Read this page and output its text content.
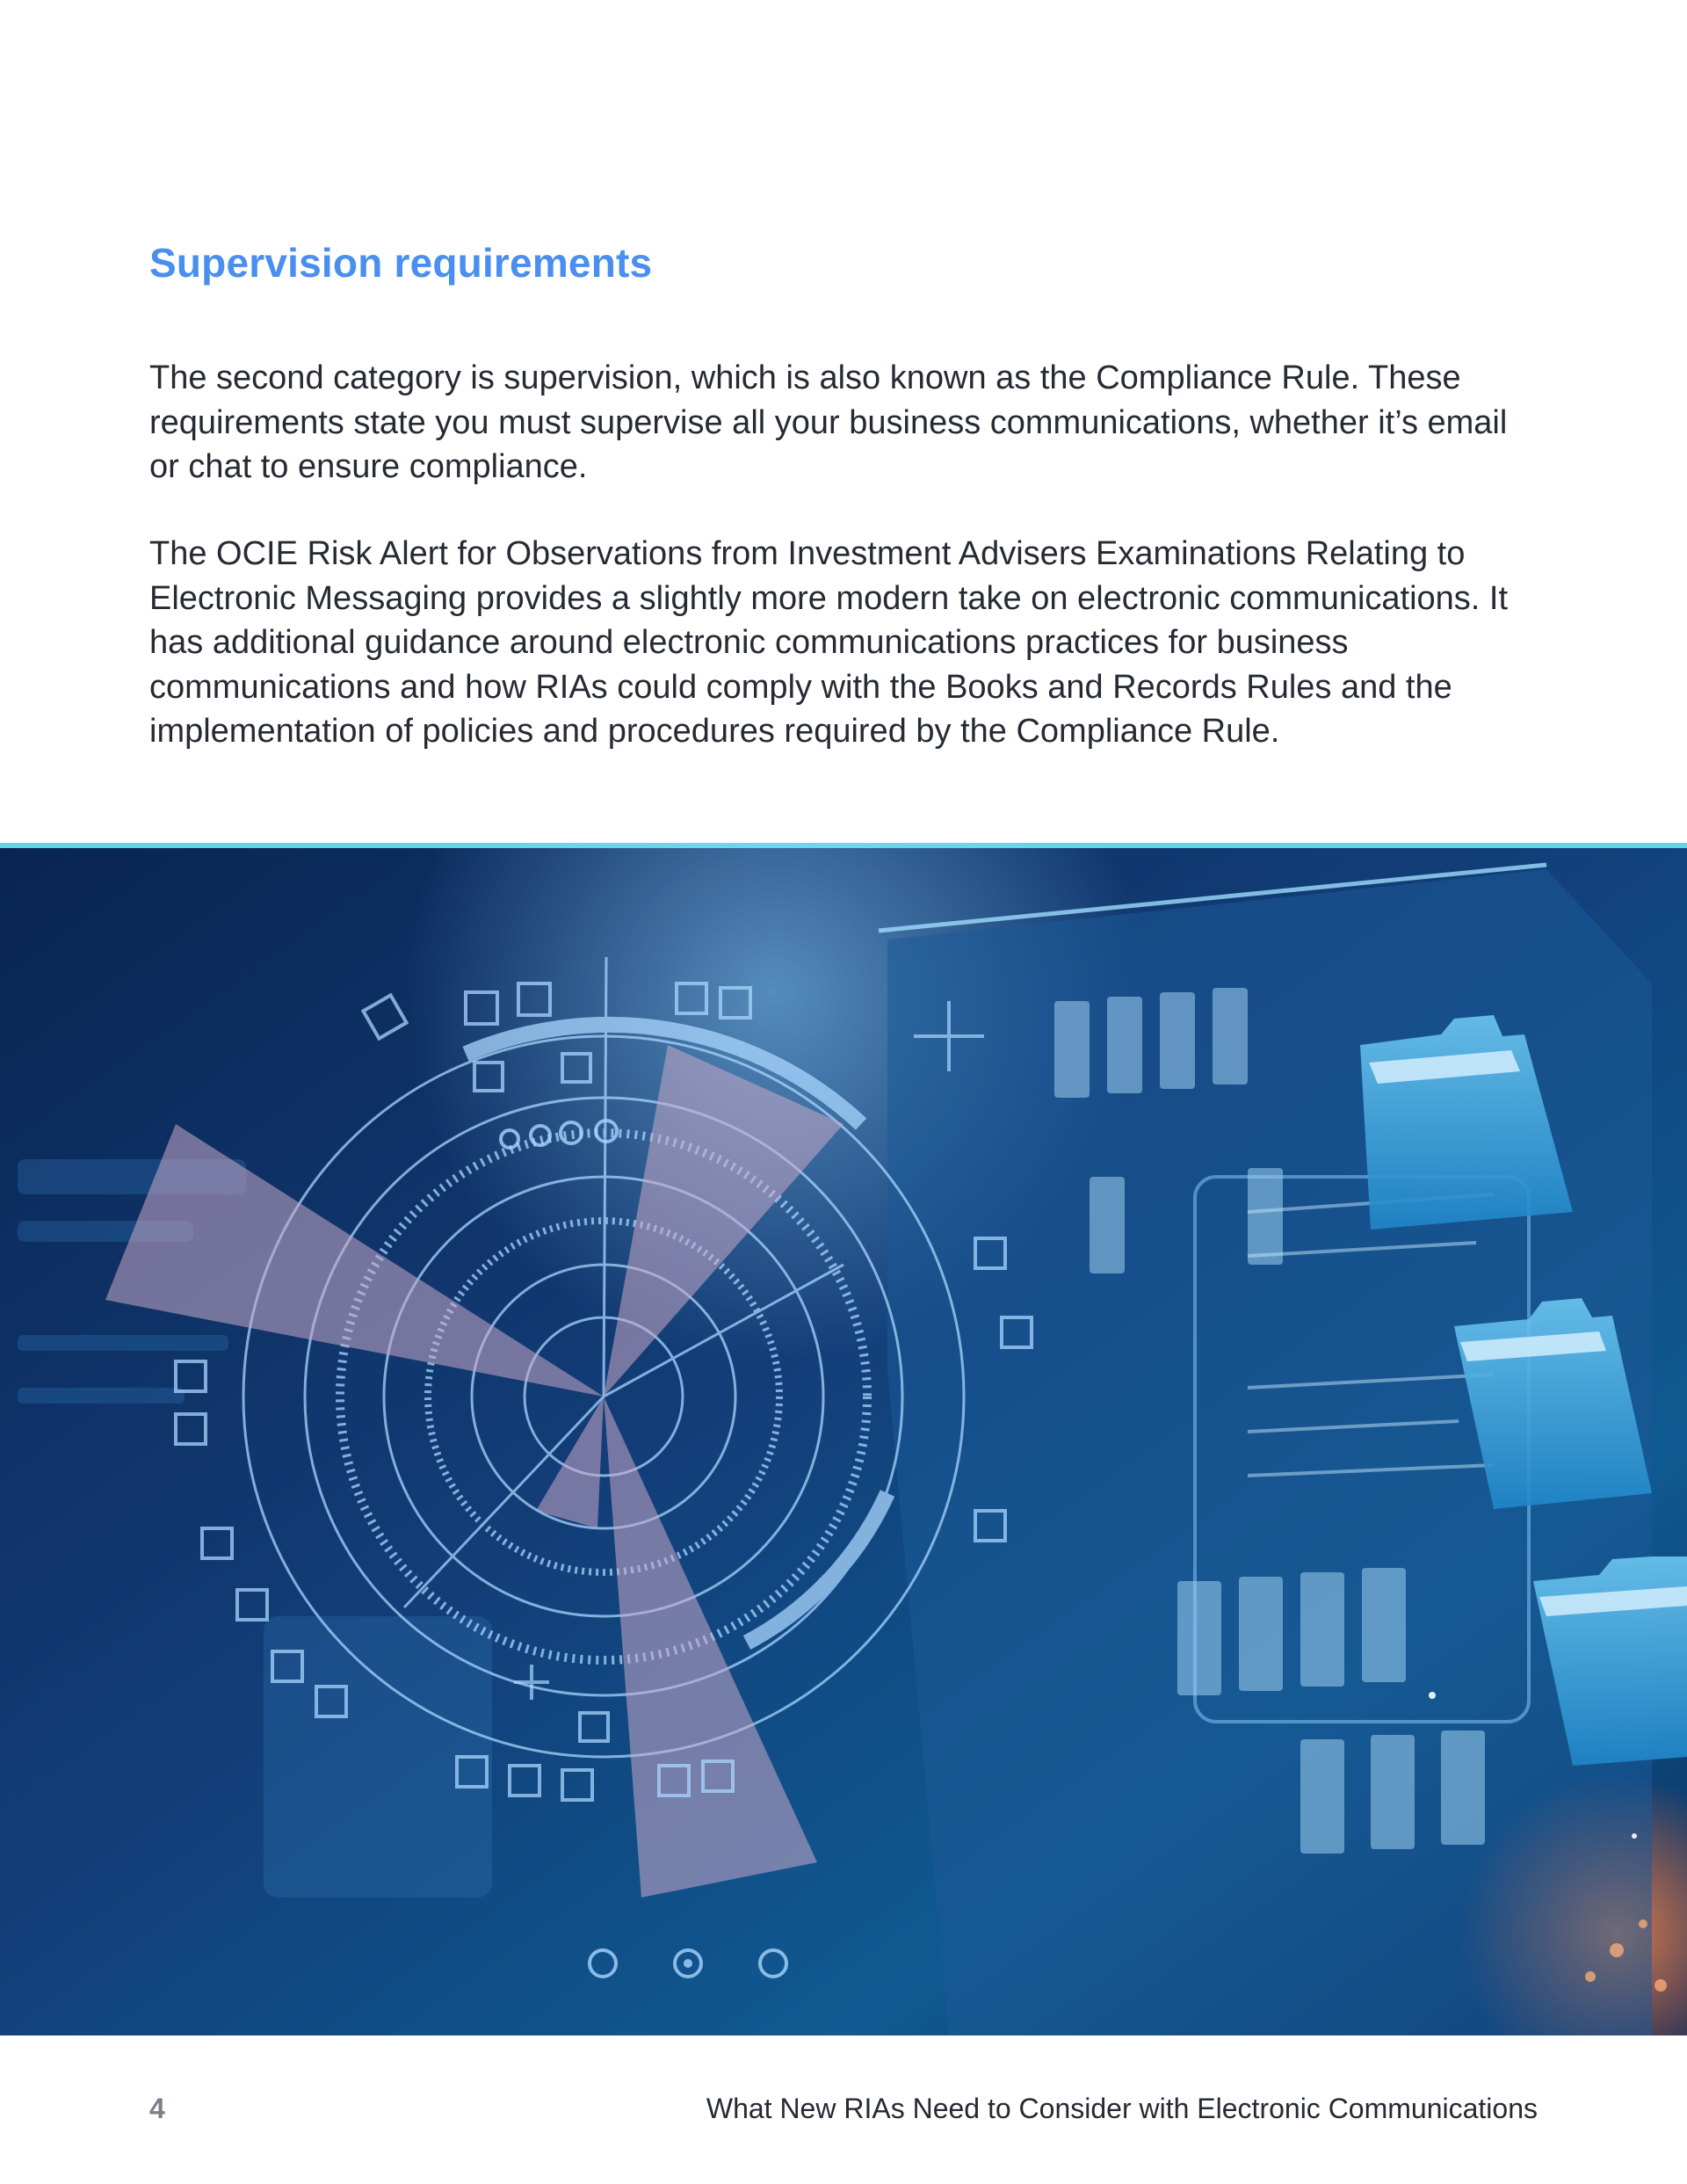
Supervision requirements

The second category is supervision, which is also known as the Compliance Rule. These requirements state you must supervise all your business communications, whether it’s email or chat to ensure compliance.

The OCIE Risk Alert for Observations from Investment Advisers Examinations Relating to Electronic Messaging provides a slightly more modern take on electronic communications. It has additional guidance around electronic communications practices for business communications and how RIAs could comply with the Books and Records Rules and the implementation of policies and procedures required by the Compliance Rule.

4	What New RIAs Need to Consider with Electronic Communications
